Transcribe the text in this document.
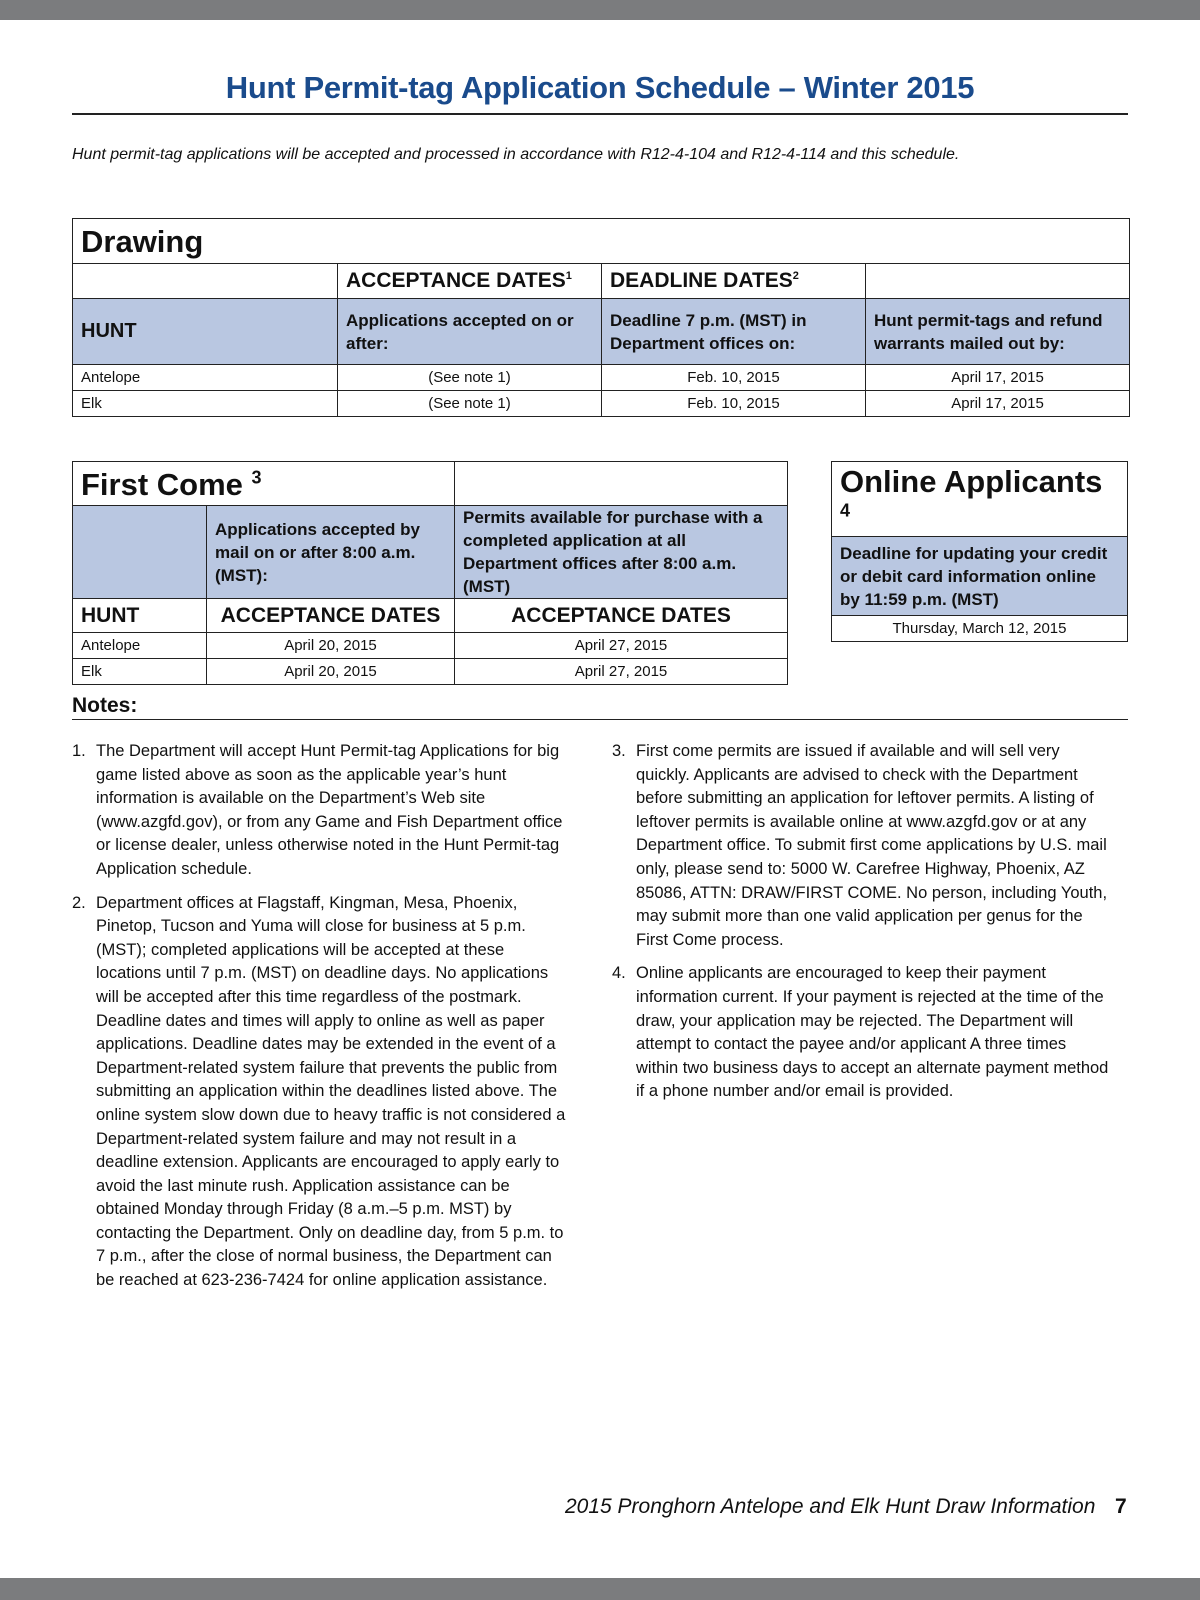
Hunt Permit-tag Application Schedule – Winter 2015
Hunt permit-tag applications will be accepted and processed in accordance with R12-4-104 and R12-4-114 and this schedule.
Drawing			
	ACCEPTANCE DATES$^1$	DEADLINE DATES$^2$	
HUNT	Applications accepted on or after:	Deadline 7 p.m. (MST) in Department offices on:	Hunt permit-tags and refund warrants mailed out by:
Antelope	(See note 1)	Feb. 10, 2015	April 17, 2015
Elk	(See note 1)	Feb. 10, 2015	April 17, 2015
First Come $^3$	
	Applications accepted by mail on or after 8:00 a.m. (MST):	Permits available for purchase with a completed application at all Department offices after 8:00 a.m. (MST)
HUNT	ACCEPTANCE DATES	ACCEPTANCE DATES
Antelope	April 20, 2015	April 27, 2015
Elk	April 20, 2015	April 27, 2015
Online Applicants $^4$
Deadline for updating your credit or debit card information online by 11:59 p.m. (MST)
Thursday, March 12, 2015
Notes:
1. The Department will accept Hunt Permit-tag Applications for big game listed above as soon as the applicable year’s hunt information is available on the Department’s Web site (www.azgfd.gov), or from any Game and Fish Department office or license dealer, unless otherwise noted in the Hunt Permit-tag Application schedule.
2. Department offices at Flagstaff, Kingman, Mesa, Phoenix, Pinetop, Tucson and Yuma will close for business at 5 p.m. (MST); completed applications will be accepted at these locations until 7 p.m. (MST) on deadline days. No applications will be accepted after this time regardless of the postmark. Deadline dates and times will apply to online as well as paper applications. Deadline dates may be extended in the event of a Department-related system failure that prevents the public from submitting an application within the deadlines listed above. The online system slow down due to heavy traffic is not considered a Department-related system failure and may not result in a deadline extension. Applicants are encouraged to apply early to avoid the last minute rush. Application assistance can be obtained Monday through Friday (8 a.m.–5 p.m. MST) by contacting the Department. Only on deadline day, from 5 p.m. to 7 p.m., after the close of normal business, the Department can be reached at 623-236-7424 for online application assistance.
3. First come permits are issued if available and will sell very quickly. Applicants are advised to check with the Department before submitting an application for leftover permits. A listing of leftover permits is available online at www.azgfd.gov or at any Department office. To submit first come applications by U.S. mail only, please send to: 5000 W. Carefree Highway, Phoenix, AZ 85086, ATTN: DRAW/FIRST COME. No person, including Youth, may submit more than one valid application per genus for the First Come process.
4. Online applicants are encouraged to keep their payment information current. If your payment is rejected at the time of the draw, your application may be rejected. The Department will attempt to contact the payee and/or applicant A three times within two business days to accept an alternate payment method if a phone number and/or email is provided.
2015 Pronghorn Antelope and Elk Hunt Draw Information 7
